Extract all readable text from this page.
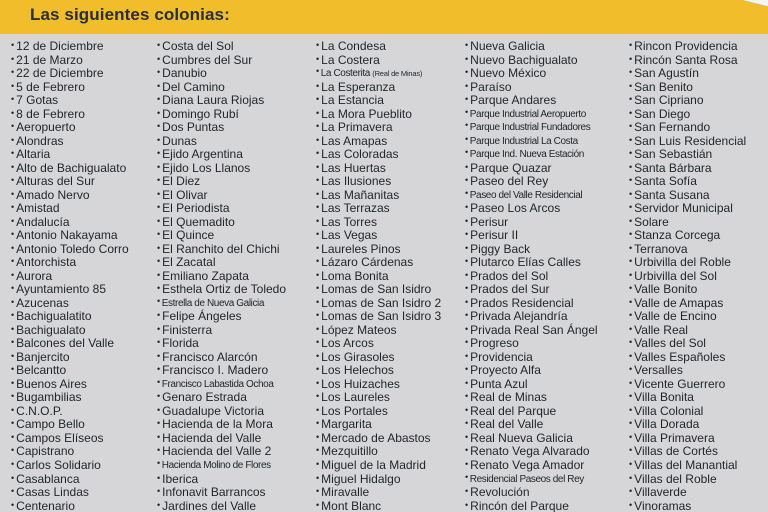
Las siguientes colonias:
• 12 de Diciembre
• 21 de Marzo
• 22 de Diciembre
• 5 de Febrero
• 7 Gotas
• 8 de Febrero
• Aeropuerto
• Alondras
• Altaria
• Alto de Bachigualato
• Alturas del Sur
• Amado Nervo
• Amistad
• Andalucía
• Antonio Nakayama
• Antonio Toledo Corro
• Antorchista
• Aurora
• Ayuntamiento 85
• Azucenas
• Bachigualatito
• Bachigualato
• Balcones del Valle
• Banjercito
• Belcantto
• Buenos Aires
• Bugambilias
• C.N.O.P.
• Campo Bello
• Campos Elíseos
• Capistrano
• Carlos Solidario
• Casablanca
• Casas Lindas
• Centenario
• Costa del Sol
• Cumbres del Sur
• Danubio
• Del Camino
• Diana Laura Riojas
• Domingo Rubí
• Dos Puntas
• Dunas
• Ejido Argentina
• Ejido Los Llanos
• El Diez
• El Olivar
• El Periodista
• El Quemadito
• El Quince
• El Ranchito del Chichi
• El Zacatal
• Emiliano Zapata
• Esthela Ortiz de Toledo
• Estrella de Nueva Galicia
• Felipe Ángeles
• Finisterra
• Florida
• Francisco Alarcón
• Francisco I. Madero
• Francisco Labastida Ochoa
• Genaro Estrada
• Guadalupe Victoria
• Hacienda de la Mora
• Hacienda del Valle
• Hacienda del Valle 2
• Hacienda Molino de Flores
• Iberica
• Infonavit Barrancos
• Jardines del Valle
• La Condesa
• La Costera
• La Costerita (Real de Minas)
• La Esperanza
• La Estancia
• La Mora Pueblito
• La Primavera
• Las Amapas
• Las Coloradas
• Las Huertas
• Las Ilusiones
• Las Mañanitas
• Las Terrazas
• Las Torres
• Las Vegas
• Laureles Pinos
• Lázaro Cárdenas
• Loma Bonita
• Lomas de San Isidro
• Lomas de San Isidro 2
• Lomas de San Isidro 3
• López Mateos
• Los Arcos
• Los Girasoles
• Los Helechos
• Los Huizaches
• Los Laureles
• Los Portales
• Margarita
• Mercado de Abastos
• Mezquitillo
• Miguel de la Madrid
• Miguel Hidalgo
• Miravalle
• Mont Blanc
• Nueva Galicia
• Nuevo Bachigualato
• Nuevo México
• Paraíso
• Parque Andares
• Parque Industrial Aeropuerto
• Parque Industrial Fundadores
• Parque Industrial La Costa
• Parque Ind. Nueva Estación
• Parque Quazar
• Paseo del Rey
• Paseo del Valle Residencial
• Paseo Los Arcos
• Perisur
• Perisur II
• Piggy Back
• Plutarco Elías Calles
• Prados del Sol
• Prados del Sur
• Prados Residencial
• Privada Alejandría
• Privada Real San Ángel
• Progreso
• Providencia
• Proyecto Alfa
• Punta Azul
• Real de Minas
• Real del Parque
• Real del Valle
• Real Nueva Galicia
• Renato Vega Alvarado
• Renato Vega Amador
• Residencial Paseos del Rey
• Revolución
• Rincón del Parque
• Rincon Providencia
• Rincón Santa Rosa
• San Agustín
• San Benito
• San Cipriano
• San Diego
• San Fernando
• San Luis Residencial
• San Sebastián
• Santa Bárbara
• Santa Sofía
• Santa Susana
• Servidor Municipal
• Solare
• Stanza Corcega
• Terranova
• Urbivilla del Roble
• Urbivilla del Sol
• Valle Bonito
• Valle de Amapas
• Valle de Encino
• Valle Real
• Valles del Sol
• Valles Españoles
• Versalles
• Vicente Guerrero
• Villa Bonita
• Villa Colonial
• Villa Dorada
• Villa Primavera
• Villas de Cortés
• Villas del Manantial
• Villas del Roble
• Villaverde
• Vinoramas
